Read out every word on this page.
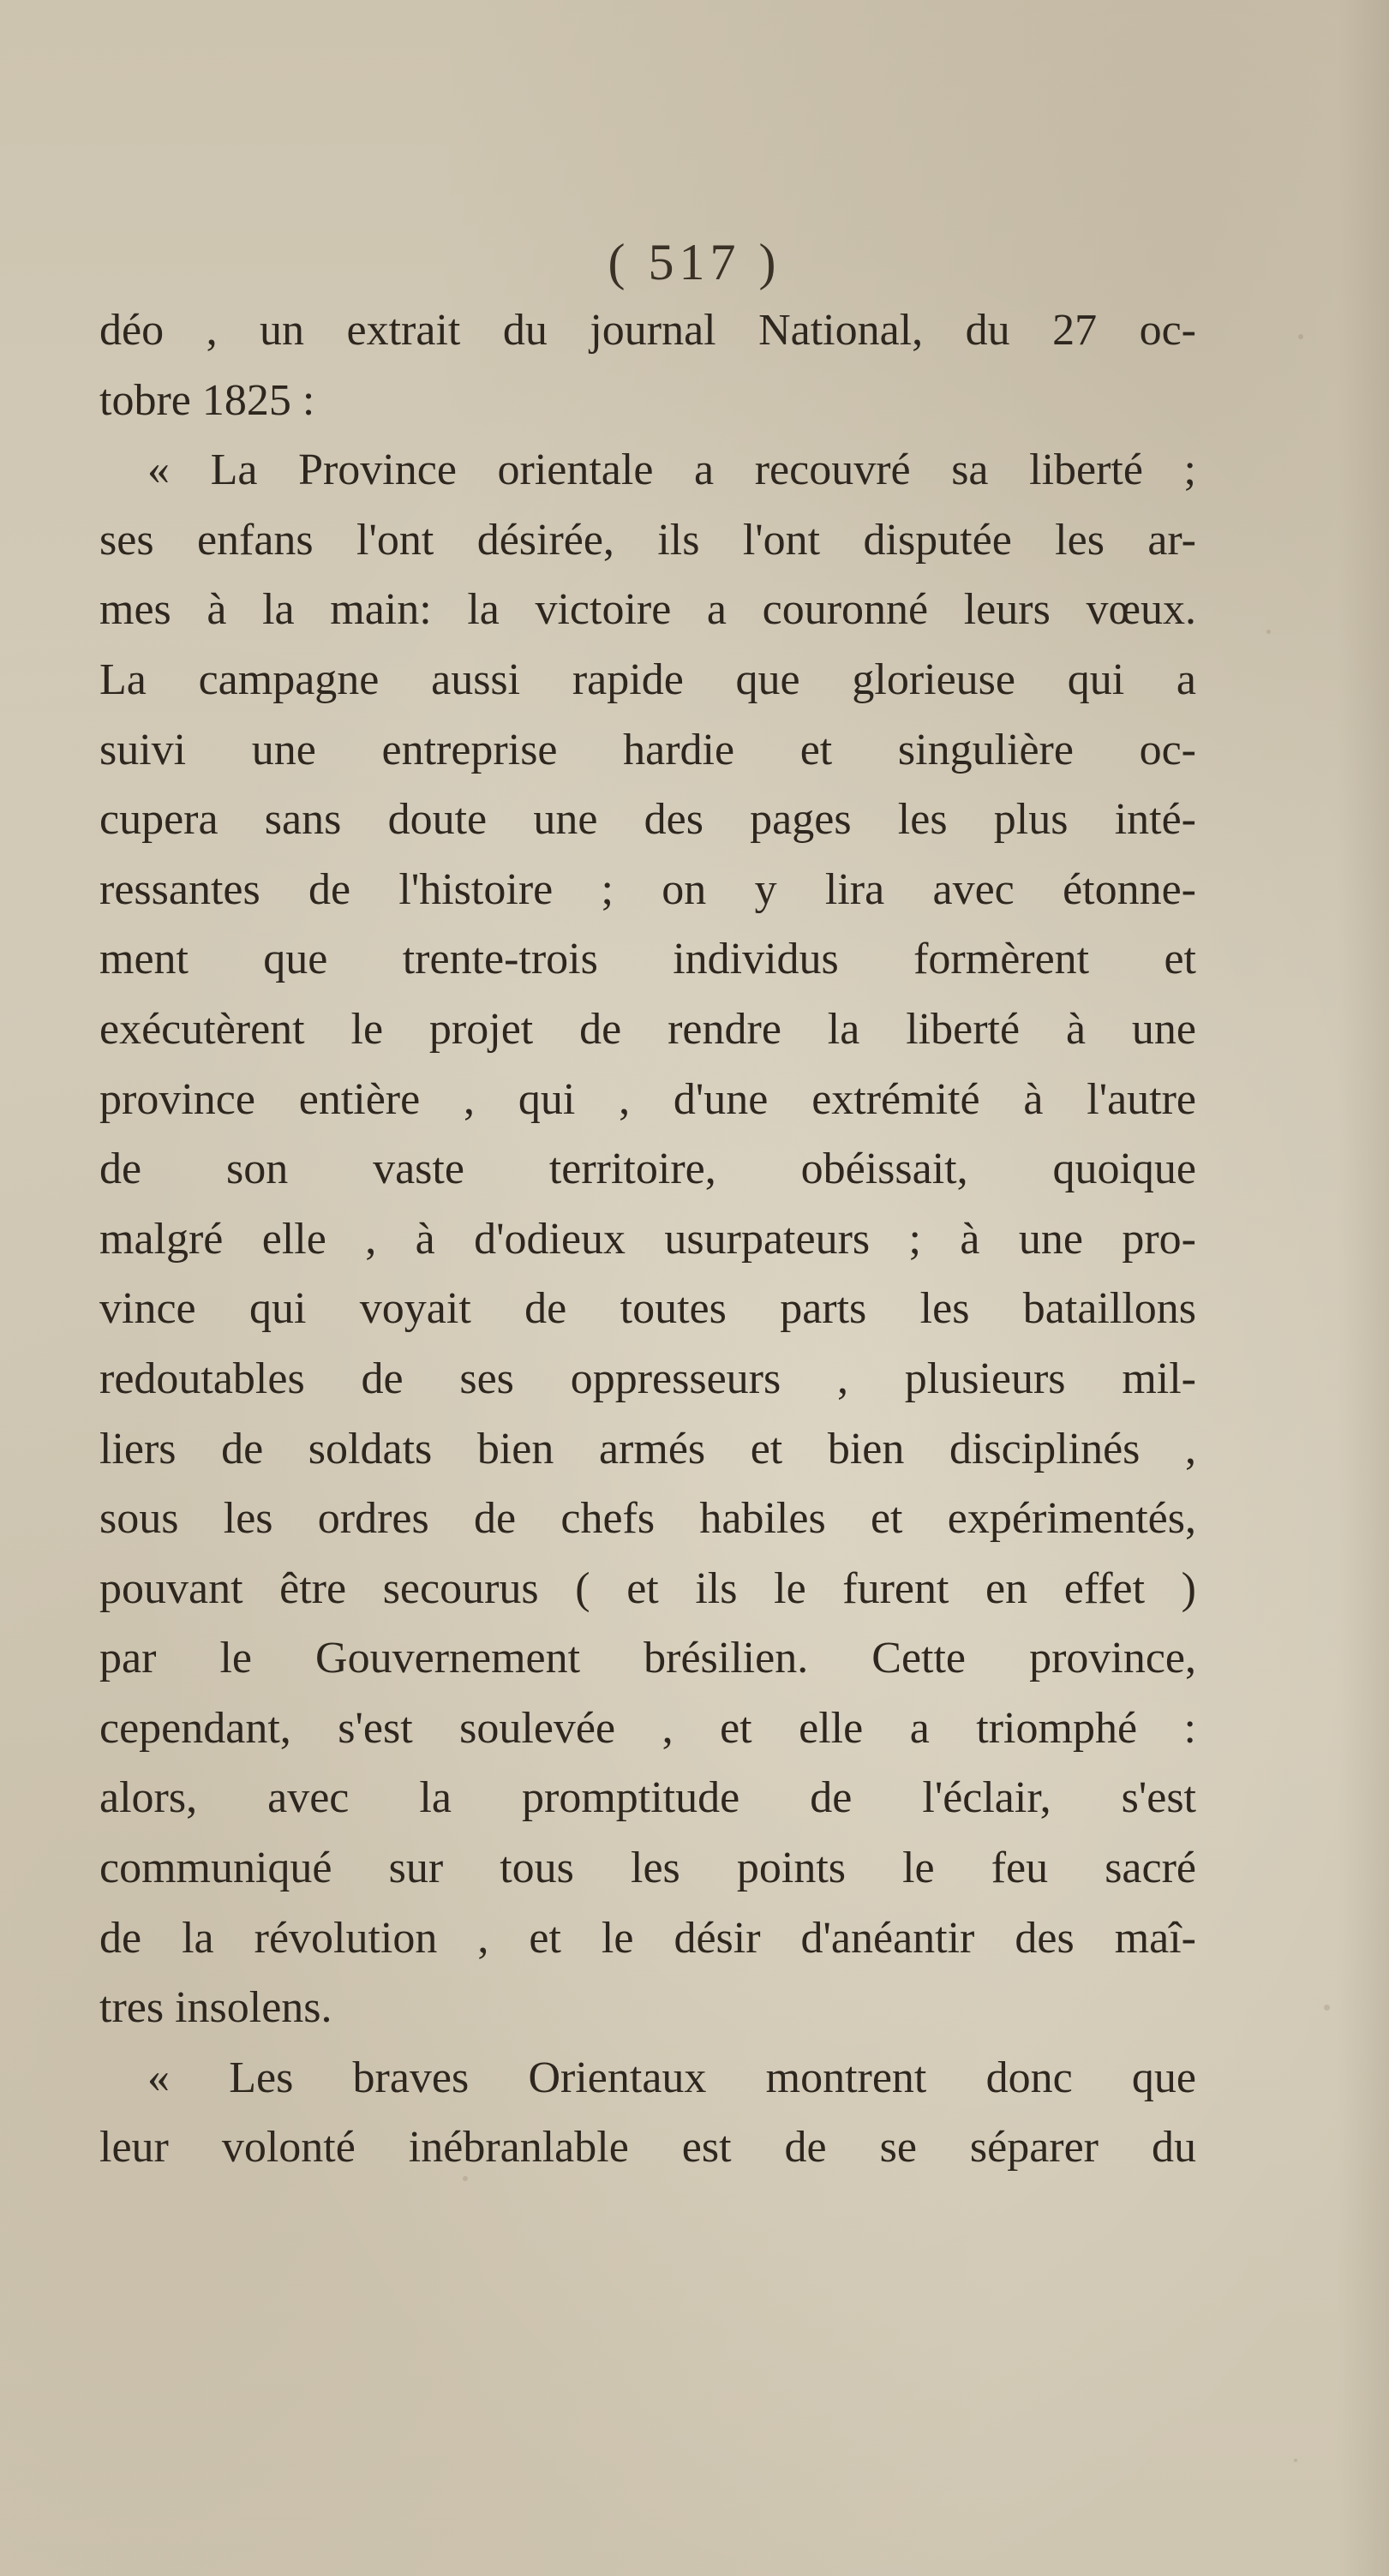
( 517 )
déo , un extrait du journal National, du 27 oc-
tobre 1825 :
« La Province orientale a recouvré sa liberté ;
ses enfans l'ont désirée, ils l'ont disputée les ar-
mes à la main: la victoire a couronné leurs vœux.
La campagne aussi rapide que glorieuse qui a
suivi une entreprise hardie et singulière oc-
cupera sans doute une des pages les plus inté-
ressantes de l'histoire ; on y lira avec étonne-
ment que trente-trois individus formèrent et
exécutèrent le projet de rendre la liberté à une
province entière , qui , d'une extrémité à l'autre
de son vaste territoire, obéissait, quoique
malgré elle , à d'odieux usurpateurs ; à une pro-
vince qui voyait de toutes parts les bataillons
redoutables de ses oppresseurs , plusieurs mil-
liers de soldats bien armés et bien disciplinés ,
sous les ordres de chefs habiles et expérimentés,
pouvant être secourus ( et ils le furent en effet )
par le Gouvernement brésilien. Cette province,
cependant, s'est soulevée , et elle a triomphé :
alors, avec la promptitude de l'éclair, s'est
communiqué sur tous les points le feu sacré
de la révolution , et le désir d'anéantir des maî-
tres insolens.
« Les braves Orientaux montrent donc que
leur volonté inébranlable est de se séparer du
